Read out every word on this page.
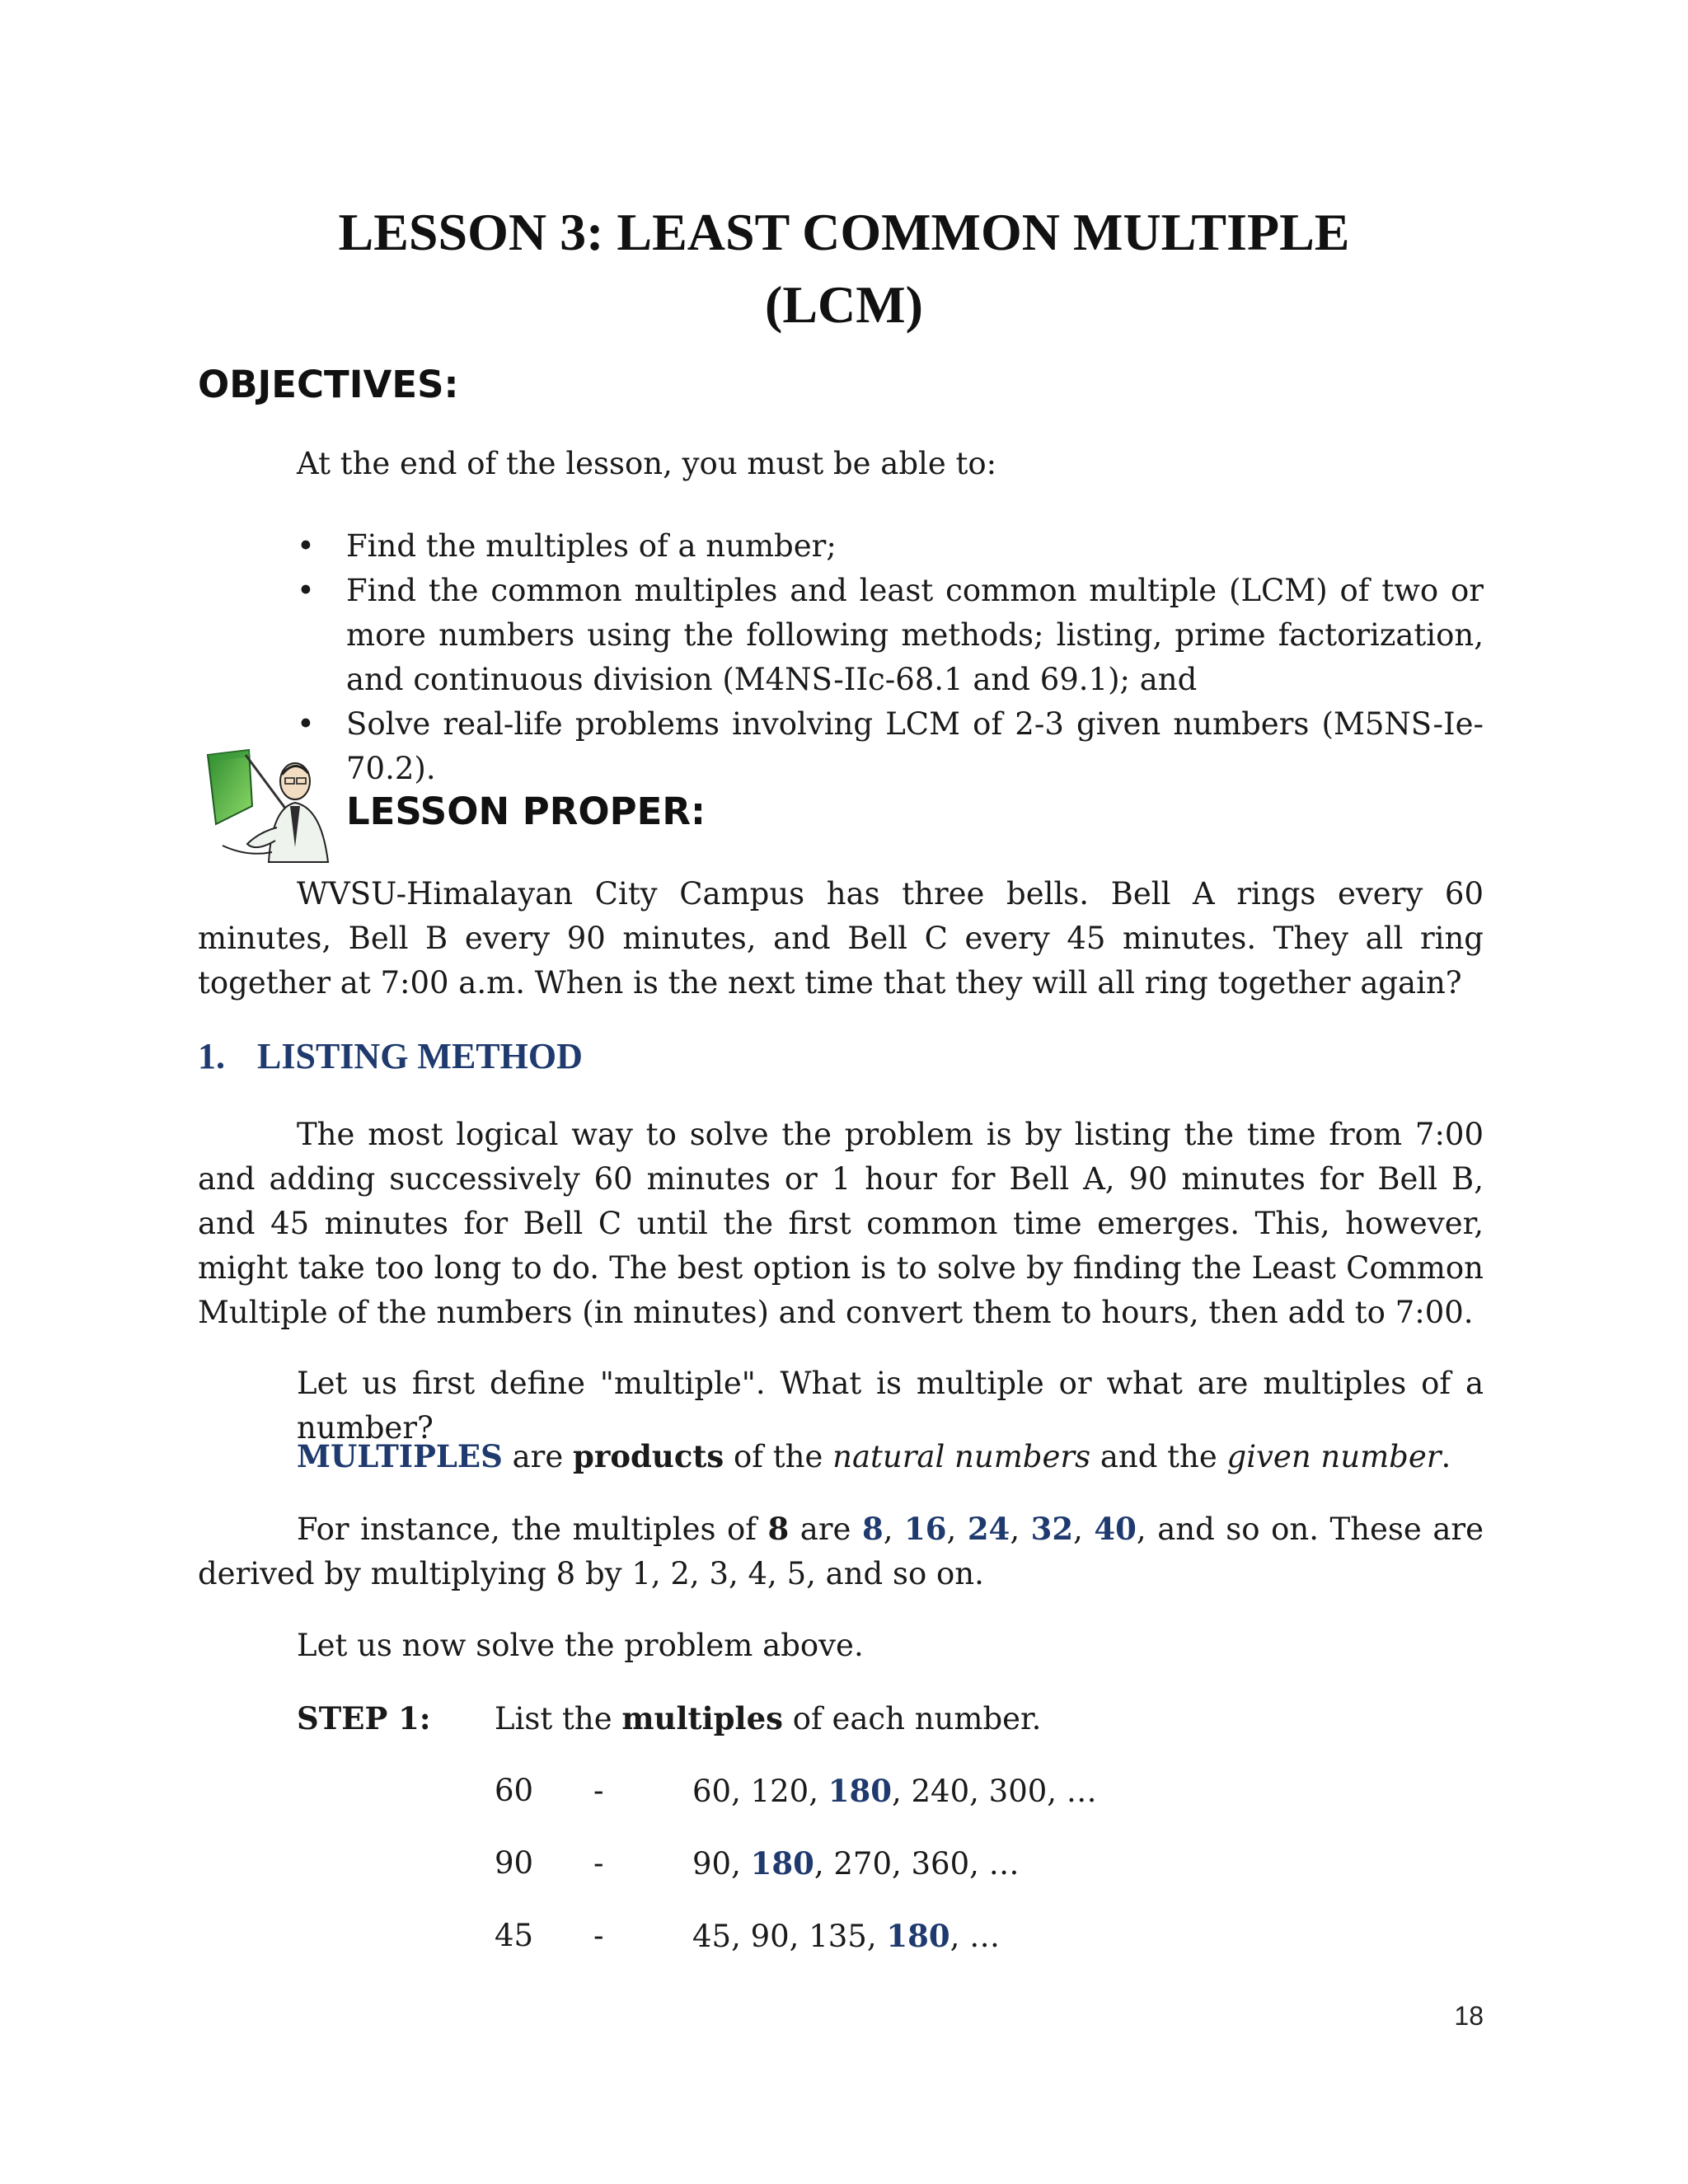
LESSON 3: LEAST COMMON MULTIPLE
(LCM)
OBJECTIVES:
At the end of the lesson, you must be able to:
• Find the multiples of a number;
• Find the common multiples and least common multiple (LCM) of two or more numbers using the following methods; listing, prime factorization, and continuous division (M4NS-IIc-68.1 and 69.1); and
• Solve real-life problems involving LCM of 2-3 given numbers (M5NS-Ie-70.2).
LESSON PROPER:
WVSU-Himalayan City Campus has three bells. Bell A rings every 60 minutes, Bell B every 90 minutes, and Bell C every 45 minutes. They all ring together at 7:00 a.m. When is the next time that they will all ring together again?
1. LISTING METHOD
The most logical way to solve the problem is by listing the time from 7:00 and adding successively 60 minutes or 1 hour for Bell A, 90 minutes for Bell B, and 45 minutes for Bell C until the first common time emerges. This, however, might take too long to do. The best option is to solve by finding the Least Common Multiple of the numbers (in minutes) and convert them to hours, then add to 7:00.
Let us first define "multiple". What is multiple or what are multiples of a number?
MULTIPLES are products of the natural numbers and the given number.
For instance, the multiples of 8 are 8, 16, 24, 32, 40, and so on. These are derived by multiplying 8 by 1, 2, 3, 4, 5, and so on.
Let us now solve the problem above.
STEP 1: List the multiples of each number.
60 -	60, 120, 180, 240, 300, …
90 -	90, 180, 270, 360, …
45 -	45, 90, 135, 180, …
18
